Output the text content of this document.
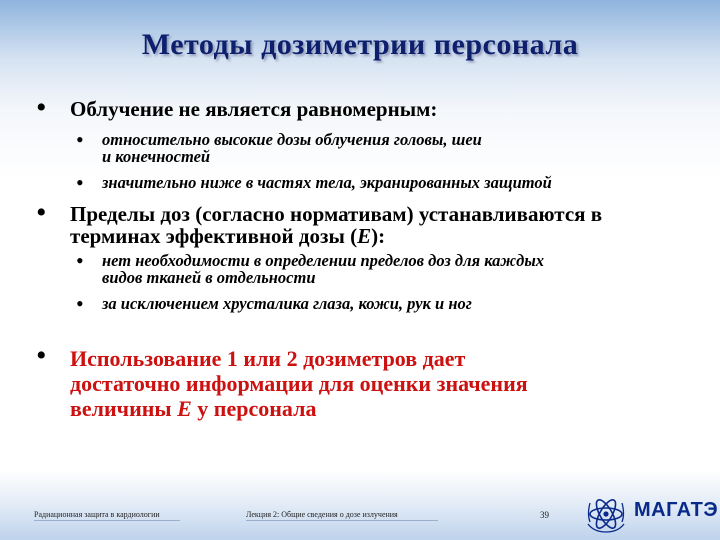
Методы дозиметрии персонала
• Облучение не является равномерным:
• относительно высокие дозы облучения головы, шеи
и конечностей
• значительно ниже в частях тела, экранированных защитой
• Пределы доз (согласно нормативам) устанавливаются в
терминах эффективной дозы (E):
• нет необходимости в определении пределов доз для каждых
видов тканей в отдельности
• за исключением хрусталика глаза, кожи, рук и ног
• Использование 1 или 2 дозиметров дает
достаточно информации для оценки значения
величины E у персонала
Радиационная защита в кардиологии	Лекция 2: Общие сведения о дозе излучения	39	МАГАТЭ
